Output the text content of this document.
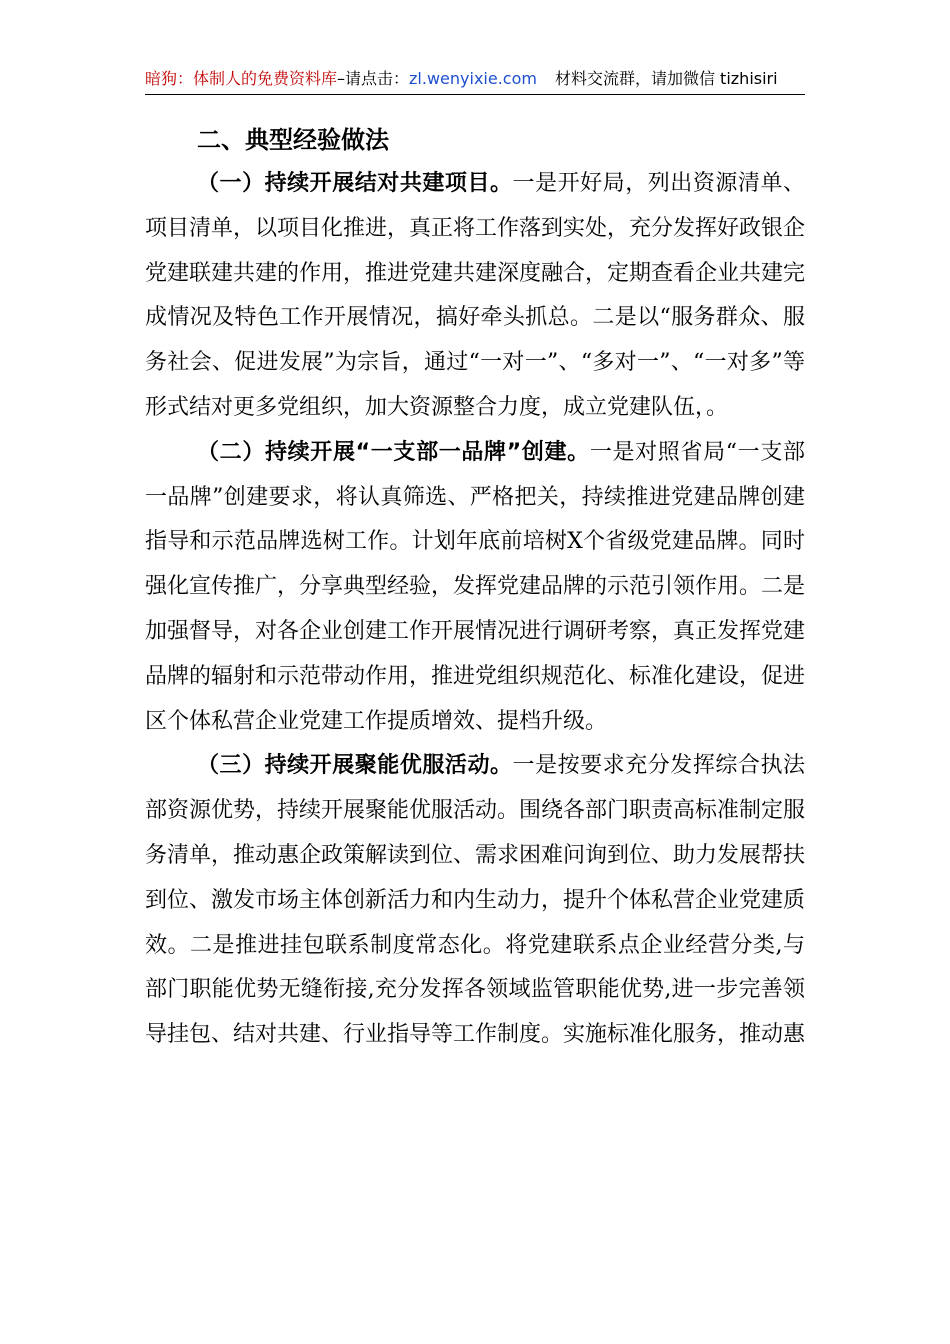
暗狗：体制人的免费资料库–请点击：zl.wenyixie.com 材料交流群，请加微信 tizhisiri
二、典型经验做法

（一）持续开展结对共建项目。一是开好局，列出资源清单、项目清单，以项目化推进，真正将工作落到实处，充分发挥好政银企党建联建共建的作用，推进党建共建深度融合，定期查看企业共建完成情况及特色工作开展情况，搞好牵头抓总。二是以“服务群众、服务社会、促进发展”为宗旨，通过“一对一”、“多对一”、“一对多”等形式结对更多党组织，加大资源整合力度，成立党建队伍，。

（二）持续开展“一支部一品牌”创建。一是对照省局“一支部一品牌”创建要求，将认真筛选、严格把关，持续推进党建品牌创建指导和示范品牌选树工作。计划年底前培树X个省级党建品牌。同时强化宣传推广，分享典型经验，发挥党建品牌的示范引领作用。二是加强督导，对各企业创建工作开展情况进行调研考察，真正发挥党建品牌的辐射和示范带动作用，推进党组织规范化、标准化建设，促进区个体私营企业党建工作提质增效、提档升级。

（三）持续开展聚能优服活动。一是按要求充分发挥综合执法部资源优势，持续开展聚能优服活动。围绕各部门职责高标准制定服务清单，推动惠企政策解读到位、需求困难问询到位、助力发展帮扶到位、激发市场主体创新活力和内生动力，提升个体私营企业党建质效。二是推进挂包联系制度常态化。将党建联系点企业经营分类,与部门职能优势无缝衔接,充分发挥各领域监管职能优势,进一步完善领导挂包、结对共建、行业指导等工作制度。实施标准化服务，推动惠
